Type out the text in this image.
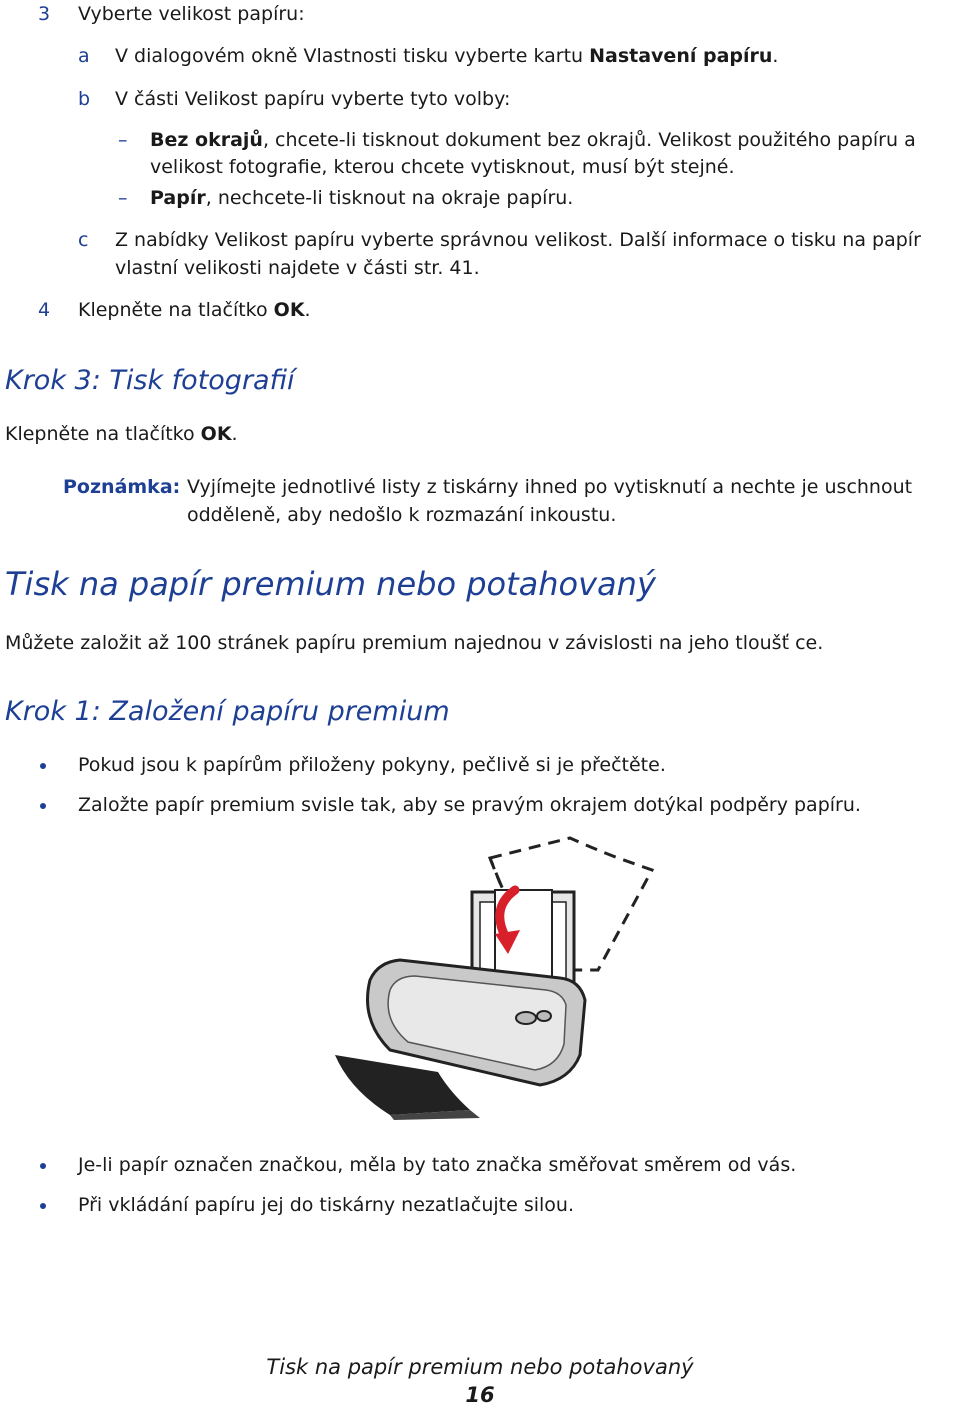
3 Vyberte velikost papíru:
a V dialogovém okně Vlastnosti tisku vyberte kartu Nastavení papíru.
b V části Velikost papíru vyberte tyto volby:
– Bez okrajů, chcete-li tisknout dokument bez okrajů. Velikost použitého papíru a
velikost fotografie, kterou chcete vytisknout, musí být stejné.
– Papír, nechcete-li tisknout na okraje papíru.
c Z nabídky Velikost papíru vyberte správnou velikost. Další informace o tisku na papír
vlastní velikosti najdete v části str. 41.
4 Klepněte na tlačítko OK.
Krok 3: Tisk fotografií
Klepněte na tlačítko OK.
Poznámka: Vyjímejte jednotlivé listy z tiskárny ihned po vytisknutí a nechte je uschnout
odděleně, aby nedošlo k rozmazání inkoustu.
Tisk na papír premium nebo potahovaný
Můžete založit až 100 stránek papíru premium najednou v závislosti na jeho tloušť ce.
Krok 1: Založení papíru premium
Pokud jsou k papírům přiloženy pokyny, pečlivě si je přečtěte.
Založte papír premium svisle tak, aby se pravým okrajem dotýkal podpěry papíru.
Je-li papír označen značkou, měla by tato značka směřovat směrem od vás.
Při vkládání papíru jej do tiskárny nezatlačujte silou.
Tisk na papír premium nebo potahovaný
16
